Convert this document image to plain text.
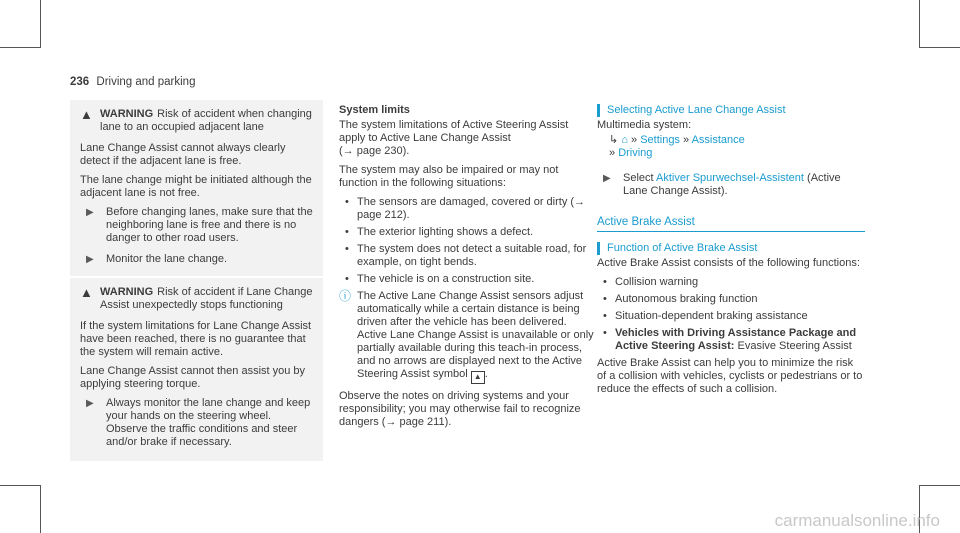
236 Driving and parking
▲ WARNING Risk of accident when changing lane to an occupied adjacent lane

Lane Change Assist cannot always clearly detect if the adjacent lane is free.

The lane change might be initiated although the adjacent lane is not free.

▶	Before changing lanes, make sure that the neighboring lane is free and there is no danger to other road users.
▶	Monitor the lane change.
▲ WARNING Risk of accident if Lane Change Assist unexpectedly stops functioning

If the system limitations for Lane Change Assist have been reached, there is no guarantee that the system will remain active.

Lane Change Assist cannot then assist you by applying steering torque.

▶	Always monitor the lane change and keep your hands on the steering wheel. Observe the traffic conditions and steer and/or brake if necessary.
System limits

The system limitations of Active Steering Assist apply to Active Lane Change Assist
(→ page 230).

The system may also be impaired or may not function in the following situations:

• The sensors are damaged, covered or dirty (→ page 212).
• The exterior lighting shows a defect.
• The system does not detect a suitable road, for example, on tight bends.
• The vehicle is on a construction site.
ⓘ The Active Lane Change Assist sensors adjust automatically while a certain distance is being driven after the vehicle has been delivered. Active Lane Change Assist is unavailable or only partially available during this teach-in process, and no arrows are displayed next to the Active Steering Assist symbol ▲ .

Observe the notes on driving systems and your responsibility; you may otherwise fail to recognize dangers (→ page 211).

Selecting Active Lane Change Assist
Multimedia system:
↳ ⌂ » Settings » Assistance
» Driving
▶	Select Aktiver Spurwechsel-Assistent (Active Lane Change Assist).
Active Brake Assist
Function of Active Brake Assist

Active Brake Assist consists of the following functions:

• Collision warning
• Autonomous braking function
• Situation-dependent braking assistance
• Vehicles with Driving Assistance Package and Active Steering Assist: Evasive Steering Assist

Active Brake Assist can help you to minimize the risk of a collision with vehicles, cyclists or pedestrians or to reduce the effects of such a collision.

carmanualsonline.info
